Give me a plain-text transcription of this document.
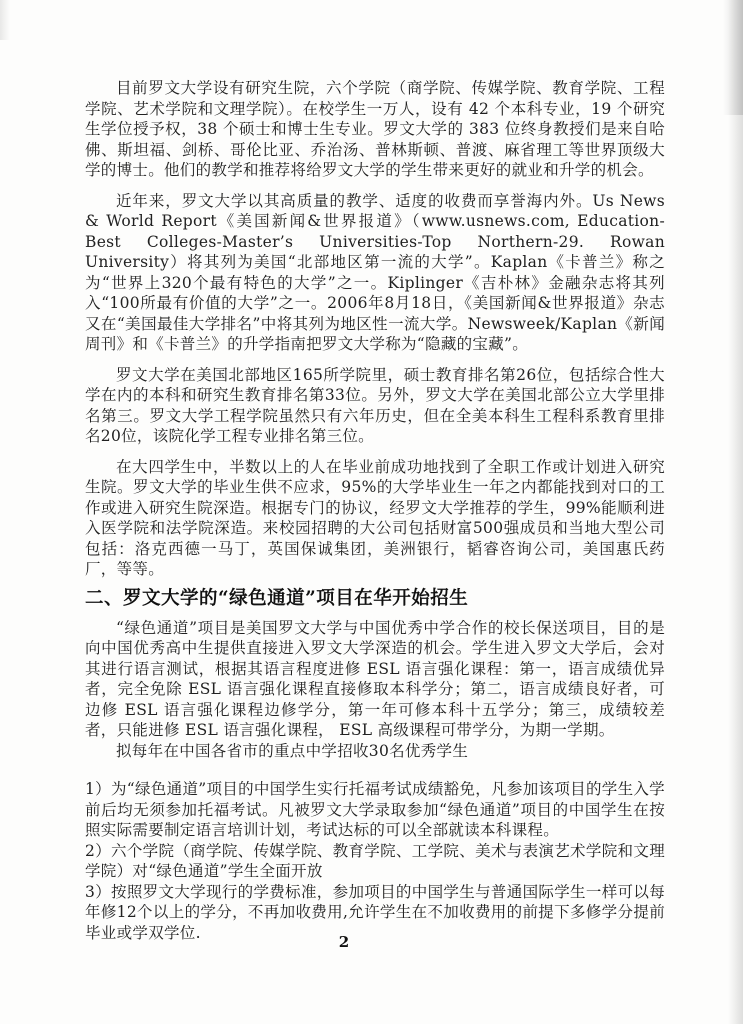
目前罗文大学设有研究生院，六个学院（商学院、传媒学院、教育学院、工程学院、艺术学院和文理学院）。在校学生一万人，设有 42 个本科专业，19 个研究生学位授予权，38 个硕士和博士生专业。罗文大学的 383 位终身教授们是来自哈佛、斯坦福、剑桥、哥伦比亚、乔治汤、普林斯顿、普渡、麻省理工等世界顶级大学的博士。他们的教学和推荐将给罗文大学的学生带来更好的就业和升学的机会。

近年来，罗文大学以其高质量的教学、适度的收费而享誉海内外。Us News & World Report《美国新闻&世界报道》（www.usnews.com, Education-Best Colleges-Master’s Universities-Top Northern-29. Rowan University）将其列为美国“北部地区第一流的大学”。Kaplan《卡普兰》称之为“世界上320个最有特色的大学”之一。Kiplinger《吉朴林》金融杂志将其列入“100所最有价值的大学”之一。2006年8月18日，《美国新闻&世界报道》杂志又在“美国最佳大学排名”中将其列为地区性一流大学。Newsweek/Kaplan《新闻周刊》和《卡普兰》的升学指南把罗文大学称为“隐藏的宝藏”。

罗文大学在美国北部地区165所学院里，硕士教育排名第26位，包括综合性大学在内的本科和研究生教育排名第33位。另外，罗文大学在美国北部公立大学里排名第三。罗文大学工程学院虽然只有六年历史，但在全美本科生工程科系教育里排名20位，该院化学工程专业排名第三位。

在大四学生中，半数以上的人在毕业前成功地找到了全职工作或计划进入研究生院。罗文大学的毕业生供不应求，95%的大学毕业生一年之内都能找到对口的工作或进入研究生院深造。根据专门的协议，经罗文大学推荐的学生，99%能顺利进入医学院和法学院深造。来校园招聘的大公司包括财富500强成员和当地大型公司包括：洛克西德一马丁，英国保诚集团，美洲银行，韬睿咨询公司，美国惠氏药厂，等等。

二、罗文大学的“绿色通道”项目在华开始招生

“绿色通道”项目是美国罗文大学与中国优秀中学合作的校长保送项目，目的是向中国优秀高中生提供直接进入罗文大学深造的机会。学生进入罗文大学后，会对其进行语言测试，根据其语言程度进修 ESL 语言强化课程：第一，语言成绩优异者，完全免除 ESL 语言强化课程直接修取本科学分；第二，语言成绩良好者，可边修 ESL 语言强化课程边修学分，第一年可修本科十五学分；第三，成绩较差者，只能进修 ESL 语言强化课程， ESL 高级课程可带学分，为期一学期。

拟每年在中国各省市的重点中学招收30名优秀学生

1）为“绿色通道”项目的中国学生实行托福考试成绩豁免，凡参加该项目的学生入学前后均无须参加托福考试。凡被罗文大学录取参加“绿色通道”项目的中国学生在按照实际需要制定语言培训计划，考试达标的可以全部就读本科课程。

2）六个学院（商学院、传媒学院、教育学院、工学院、美术与表演艺术学院和文理学院）对“绿色通道”学生全面开放

3）按照罗文大学现行的学费标准，参加项目的中国学生与普通国际学生一样可以每年修12个以上的学分，不再加收费用,允许学生在不加收费用的前提下多修学分提前毕业或学双学位.

2
